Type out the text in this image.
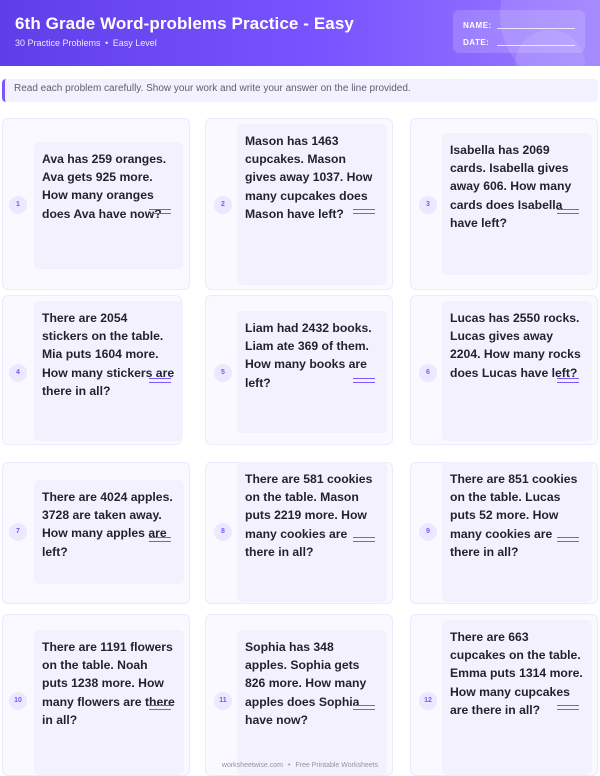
6th Grade Word-problems Practice - Easy

30 Practice Problems • Easy Level

NAME:
DATE:
Read each problem carefully. Show your work and write your answer on the line provided.
1
Ava has 259 oranges. Ava gets 925 more. How many oranges does Ava have now?
2
Mason has 1463 cupcakes. Mason gives away 1037. How many cupcakes does Mason have left?
3
Isabella has 2069 cards. Isabella gives away 606. How many cards does Isabella have left?
4
There are 2054 stickers on the table. Mia puts 1604 more. How many stickers are there in all?
5
Liam had 2432 books. Liam ate 369 of them. How many books are left?
6
Lucas has 2550 rocks. Lucas gives away 2204. How many rocks does Lucas have left?
7
There are 4024 apples. 3728 are taken away. How many apples are left?
8
There are 581 cookies on the table. Mason puts 2219 more. How many cookies are there in all?
9
There are 851 cookies on the table. Lucas puts 52 more. How many cookies are there in all?
10
There are 1191 flowers on the table. Noah puts 1238 more. How many flowers are there in all?
11
Sophia has 348 apples. Sophia gets 826 more. How many apples does Sophia have now?
12
There are 663 cupcakes on the table. Emma puts 1314 more. How many cupcakes are there in all?
worksheetwise.com • Free Printable Worksheets
